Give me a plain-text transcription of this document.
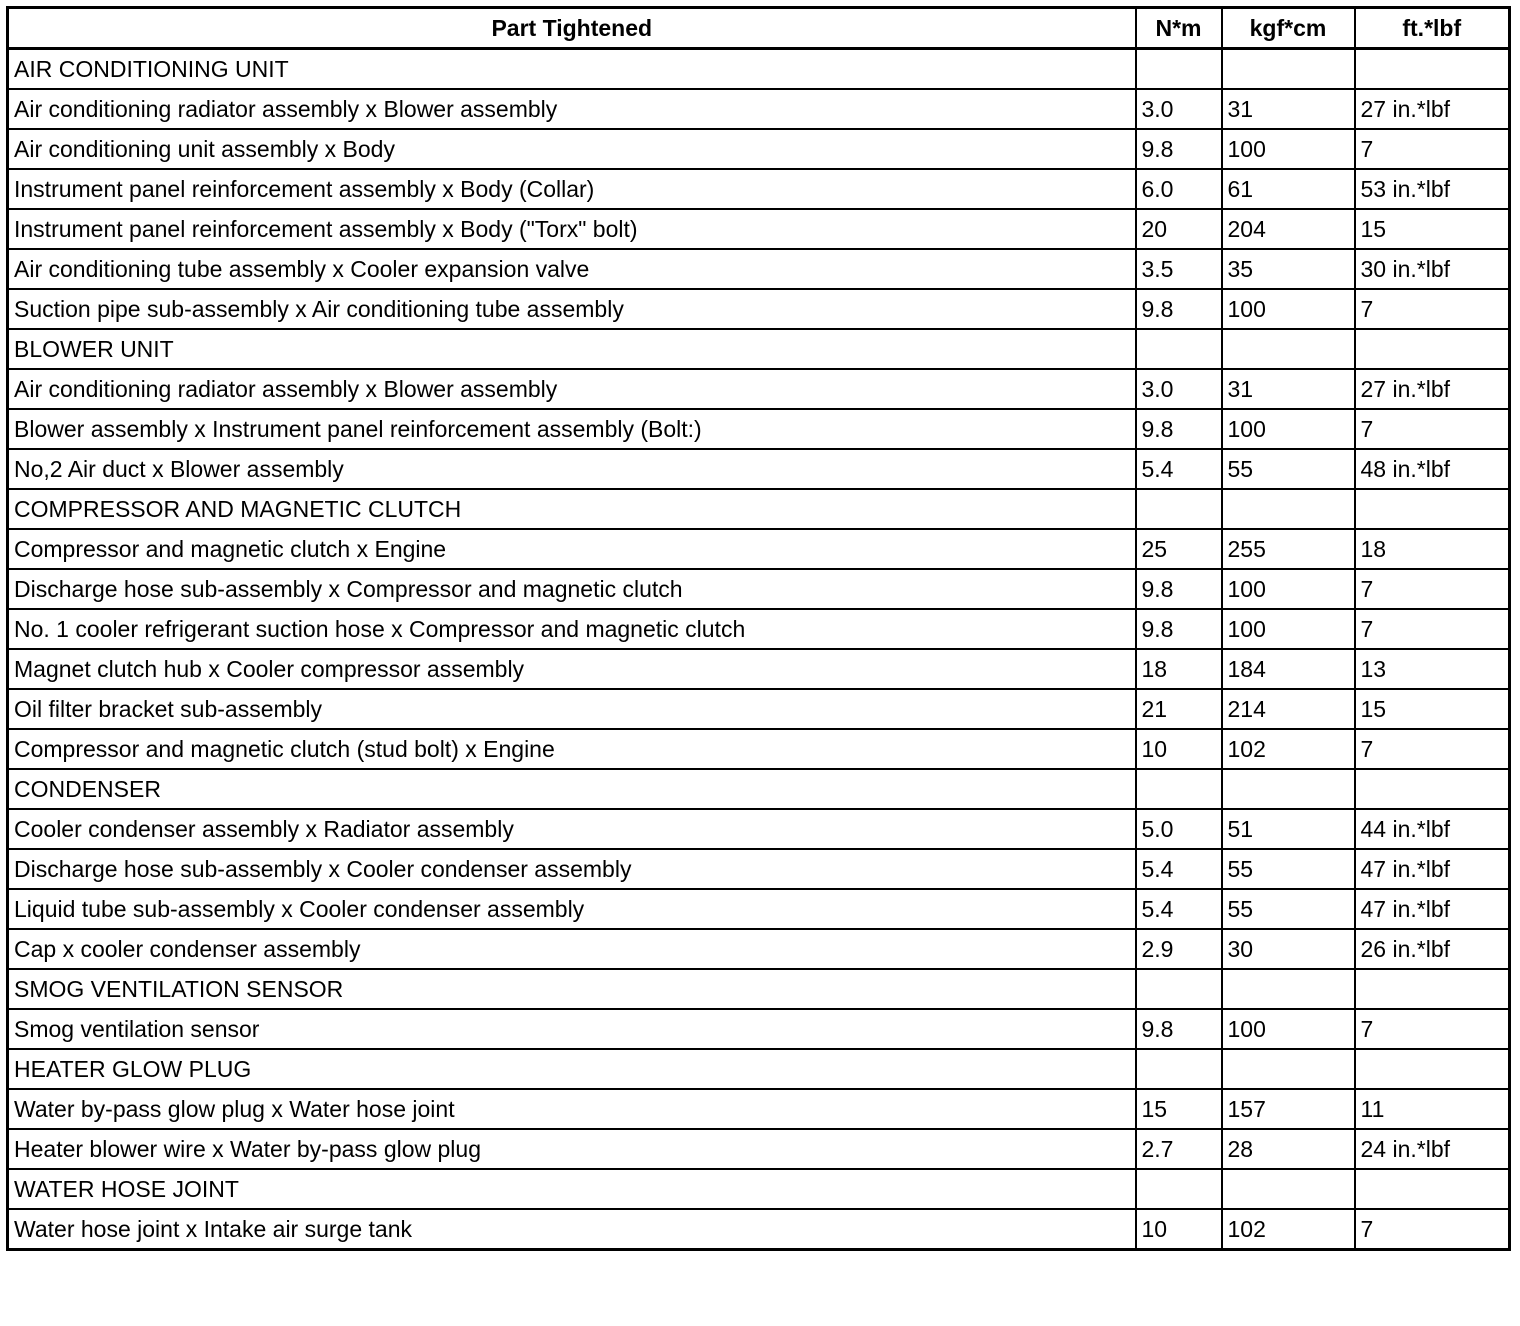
Part Tightened	N*m	kgf*cm	ft.*lbf
AIR CONDITIONING UNIT			
Air conditioning radiator assembly x Blower assembly	3.0	31	27 in.*lbf
Air conditioning unit assembly x Body	9.8	100	7
Instrument panel reinforcement assembly x Body (Collar)	6.0	61	53 in.*lbf
Instrument panel reinforcement assembly x Body ("Torx" bolt)	20	204	15
Air conditioning tube assembly x Cooler expansion valve	3.5	35	30 in.*lbf
Suction pipe sub-assembly x Air conditioning tube assembly	9.8	100	7
BLOWER UNIT			
Air conditioning radiator assembly x Blower assembly	3.0	31	27 in.*lbf
Blower assembly x Instrument panel reinforcement assembly (Bolt:)	9.8	100	7
No,2 Air duct x Blower assembly	5.4	55	48 in.*lbf
COMPRESSOR AND MAGNETIC CLUTCH			
Compressor and magnetic clutch x Engine	25	255	18
Discharge hose sub-assembly x Compressor and magnetic clutch	9.8	100	7
No. 1 cooler refrigerant suction hose x Compressor and magnetic clutch	9.8	100	7
Magnet clutch hub x Cooler compressor assembly	18	184	13
Oil filter bracket sub-assembly	21	214	15
Compressor and magnetic clutch (stud bolt) x Engine	10	102	7
CONDENSER			
Cooler condenser assembly x Radiator assembly	5.0	51	44 in.*lbf
Discharge hose sub-assembly x Cooler condenser assembly	5.4	55	47 in.*lbf
Liquid tube sub-assembly x Cooler condenser assembly	5.4	55	47 in.*lbf
Cap x cooler condenser assembly	2.9	30	26 in.*lbf
SMOG VENTILATION SENSOR			
Smog ventilation sensor	9.8	100	7
HEATER GLOW PLUG			
Water by-pass glow plug x Water hose joint	15	157	11
Heater blower wire x Water by-pass glow plug	2.7	28	24 in.*lbf
WATER HOSE JOINT			
Water hose joint x Intake air surge tank	10	102	7
